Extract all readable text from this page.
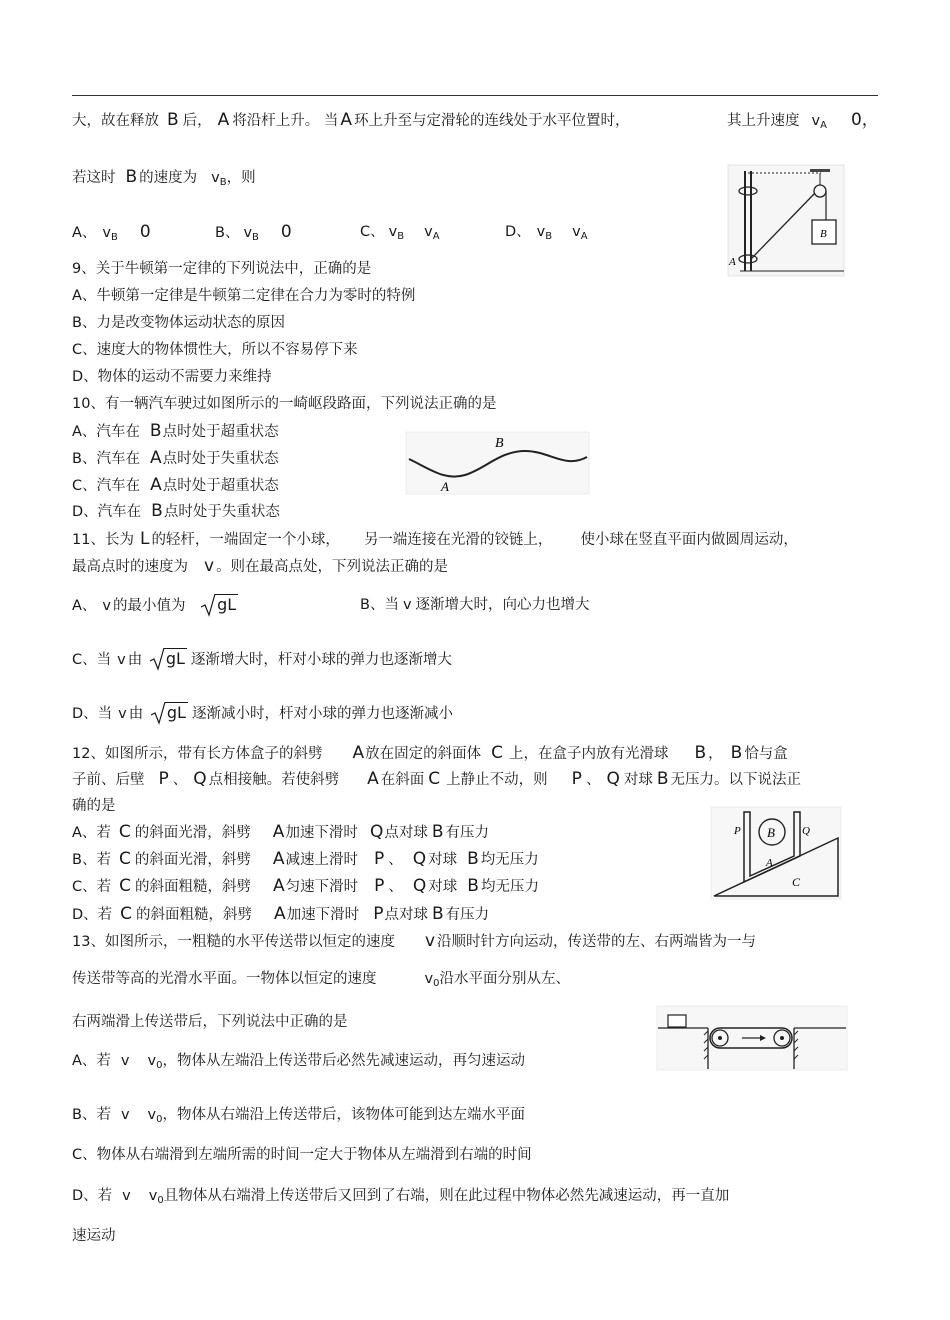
大，故在释放 B 后， A 将沿杆上升。 当 A 环上升至与定滑轮的连线处于水平位置时，	其上升速度 $v_A$ 0，
若这时 B 的速度为 $v_B$，则
A、 $v_B$ 0	B、 $v_B$ 0	C、 $v_B$ $v_A$	D、 $v_B$ $v_A$	B
A
9、关于牛顿第一定律的下列说法中，正确的是
A、牛顿第一定律是牛顿第二定律在合力为零时的特例
B、力是改变物体运动状态的原因
C、速度大的物体惯性大，所以不容易停下来
D、物体的运动不需要力来维持
10、有一辆汽车驶过如图所示的一崎岖段路面，下列说法正确的是
A、汽车在 B点时处于超重状态
B、汽车在 A点时处于失重状态
C、汽车在 A点时处于超重状态
D、汽车在 B点时处于失重状态
B
A
11、长为 L 的轻杆，一端固定一个小球， 另一端连接在光滑的铰链上， 使小球在竖直平面内做圆周运动，
最高点时的速度为 v 。则在最高点处，下列说法正确的是
A、 v 的最小值为 gL	B、当 v 逐渐增大时，向心力也增大
C、当 v 由 gL 逐渐增大时，杆对小球的弹力也逐渐增大
D、当 v 由 gL 逐渐减小时，杆对小球的弹力也逐渐减小
12、如图所示，带有长方体盒子的斜劈 A放在固定的斜面体 C 上，在盒子内放有光滑球 B ， B 恰与盒
子前、后壁 P 、 Q 点相接触。若使斜劈 A 在斜面 C 上静止不动，则 P 、 Q 对球 B 无压力。以下说法正
确的是
A、若 C 的斜面光滑，斜劈 A加速下滑时 Q点对球 B 有压力
B、若 C 的斜面光滑，斜劈 A减速上滑时 P 、 Q 对球 B 均无压力
C、若 C 的斜面粗糙，斜劈 A匀速下滑时 P 、 Q 对球 B 均无压力
D、若 C 的斜面粗糙，斜劈 A加速下滑时 P点对球 B 有压力
B
P	Q
A
C
13、如图所示，一粗糙的水平传送带以恒定的速度 v 沿顺时针方向运动，传送带的左、右两端皆为一与
传送带等高的光滑水平面。一物体以恒定的速度	$v_0$沿水平面分别从左、
右两端滑上传送带后，下列说法中正确的是
A、若 v $v_0$，物体从左端沿上传送带后必然先减速运动，再匀速运动
B、若 v $v_0$，物体从右端沿上传送带后，该物体可能到达左端水平面
C、物体从右端滑到左端所需的时间一定大于物体从左端滑到右端的时间
D、若 v $v_0$且物体从右端滑上传送带后又回到了右端，则在此过程中物体必然先减速运动，再一直加
速运动
